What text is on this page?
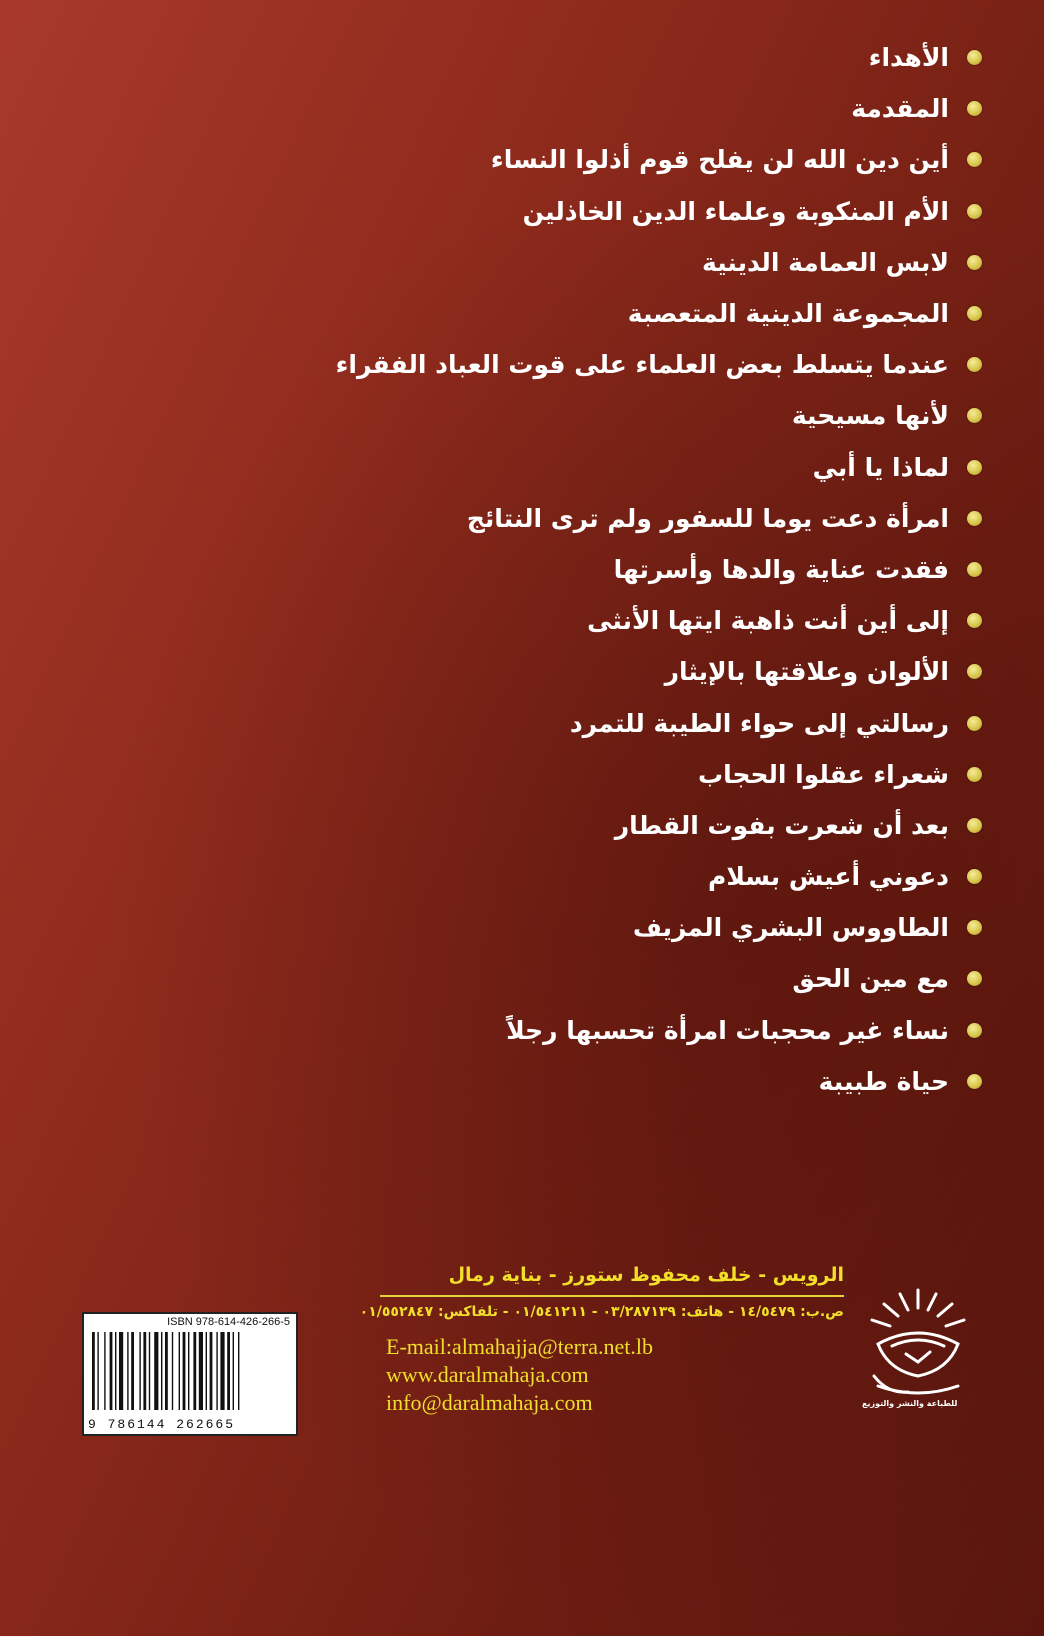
الأهداء
المقدمة
أين دين الله لن يفلح قوم أذلوا النساء
الأم المنكوبة وعلماء الدين الخاذلين
لابس العمامة الدينية
المجموعة الدينية المتعصبة
عندما يتسلط بعض العلماء على قوت العباد الفقراء
لأنها مسيحية
لماذا يا أبي
امرأة دعت يوما للسفور ولم ترى النتائج
فقدت عناية والدها وأسرتها
إلى أين أنت ذاهبة ايتها الأنثى
الألوان وعلاقتها بالإيثار
رسالتي إلى حواء الطيبة للتمرد
شعراء عقلوا الحجاب
بعد أن شعرت بفوت القطار
دعوني أعيش بسلام
الطاووس البشري المزيف
مع مين الحق
نساء غير محجبات امرأة تحسبها رجلاً
حياة طبيبة
للطباعة والنشر والتوزيع
الرويس - خلف محفوظ ستورز - بناية رمال
ص.ب: ١٤/٥٤٧٩ - هاتف: ٠٣/٢٨٧١٣٩ - ٠١/٥٤١٢١١ - تلفاكس: ٠١/٥٥٢٨٤٧
E-mail:almahajja@terra.net.lb
www.daralmahaja.com
info@daralmahaja.com
ISBN 978-614-426-266-5
9 786144 262665
